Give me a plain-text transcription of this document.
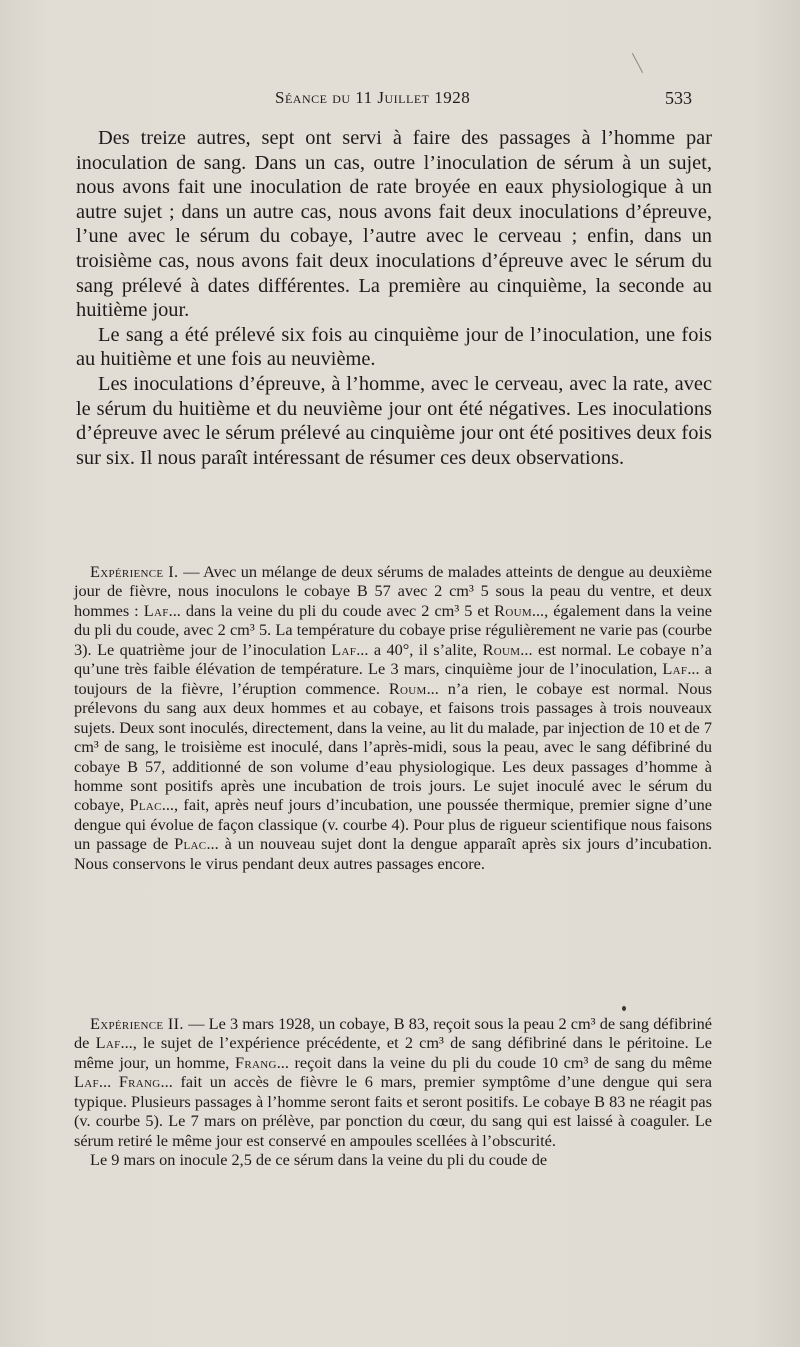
Séance du 11 Juillet 1928	533

Des treize autres, sept ont servi à faire des passages à l’homme par inoculation de sang. Dans un cas, outre l’inoculation de sérum à un sujet, nous avons fait une inoculation de rate broyée en eaux physiologique à un autre sujet ; dans un autre cas, nous avons fait deux inoculations d’épreuve, l’une avec le sérum du cobaye, l’autre avec le cerveau ; enfin, dans un troisième cas, nous avons fait deux inoculations d’épreuve avec le sérum du sang prélevé à dates différentes. La première au cinquième, la seconde au huitième jour.

Le sang a été prélevé six fois au cinquième jour de l’inoculation, une fois au huitième et une fois au neuvième.

Les inoculations d’épreuve, à l’homme, avec le cerveau, avec la rate, avec le sérum du huitième et du neuvième jour ont été négatives. Les inoculations d’épreuve avec le sérum prélevé au cinquième jour ont été positives deux fois sur six. Il nous paraît intéressant de résumer ces deux observations.

Expérience I. — Avec un mélange de deux sérums de malades atteints de dengue au deuxième jour de fièvre, nous inoculons le cobaye B 57 avec 2 cm³ 5 sous la peau du ventre, et deux hommes : Laf... dans la veine du pli du coude avec 2 cm³ 5 et Roum..., également dans la veine du pli du coude, avec 2 cm³ 5. La température du cobaye prise régulièrement ne varie pas (courbe 3). Le quatrième jour de l’inoculation Laf... a 40°, il s’alite, Roum... est normal. Le cobaye n’a qu’une très faible élévation de température. Le 3 mars, cinquième jour de l’inoculation, Laf... a toujours de la fièvre, l’éruption commence. Roum... n’a rien, le cobaye est normal. Nous prélevons du sang aux deux hommes et au cobaye, et faisons trois passages à trois nouveaux sujets. Deux sont inoculés, directement, dans la veine, au lit du malade, par injection de 10 et de 7 cm³ de sang, le troisième est inoculé, dans l’après-midi, sous la peau, avec le sang défibriné du cobaye B 57, additionné de son volume d’eau physiologique. Les deux passages d’homme à homme sont positifs après une incubation de trois jours. Le sujet inoculé avec le sérum du cobaye, Plac..., fait, après neuf jours d’incubation, une poussée thermique, premier signe d’une dengue qui évolue de façon classique (v. courbe 4). Pour plus de rigueur scientifique nous faisons un passage de Plac... à un nouveau sujet dont la dengue apparaît après six jours d’incubation. Nous conservons le virus pendant deux autres passages encore.

Expérience II. — Le 3 mars 1928, un cobaye, B 83, reçoit sous la peau 2 cm³ de sang défibriné de Laf..., le sujet de l’expérience précédente, et 2 cm³ de sang défibriné dans le péritoine. Le même jour, un homme, Frang... reçoit dans la veine du pli du coude 10 cm³ de sang du même Laf... Frang... fait un accès de fièvre le 6 mars, premier symptôme d’une dengue qui sera typique. Plusieurs passages à l’homme seront faits et seront positifs. Le cobaye B 83 ne réagit pas (v. courbe 5). Le 7 mars on prélève, par ponction du cœur, du sang qui est laissé à coaguler. Le sérum retiré le même jour est conservé en ampoules scellées à l’obscurité.

Le 9 mars on inocule 2,5 de ce sérum dans la veine du pli du coude de
